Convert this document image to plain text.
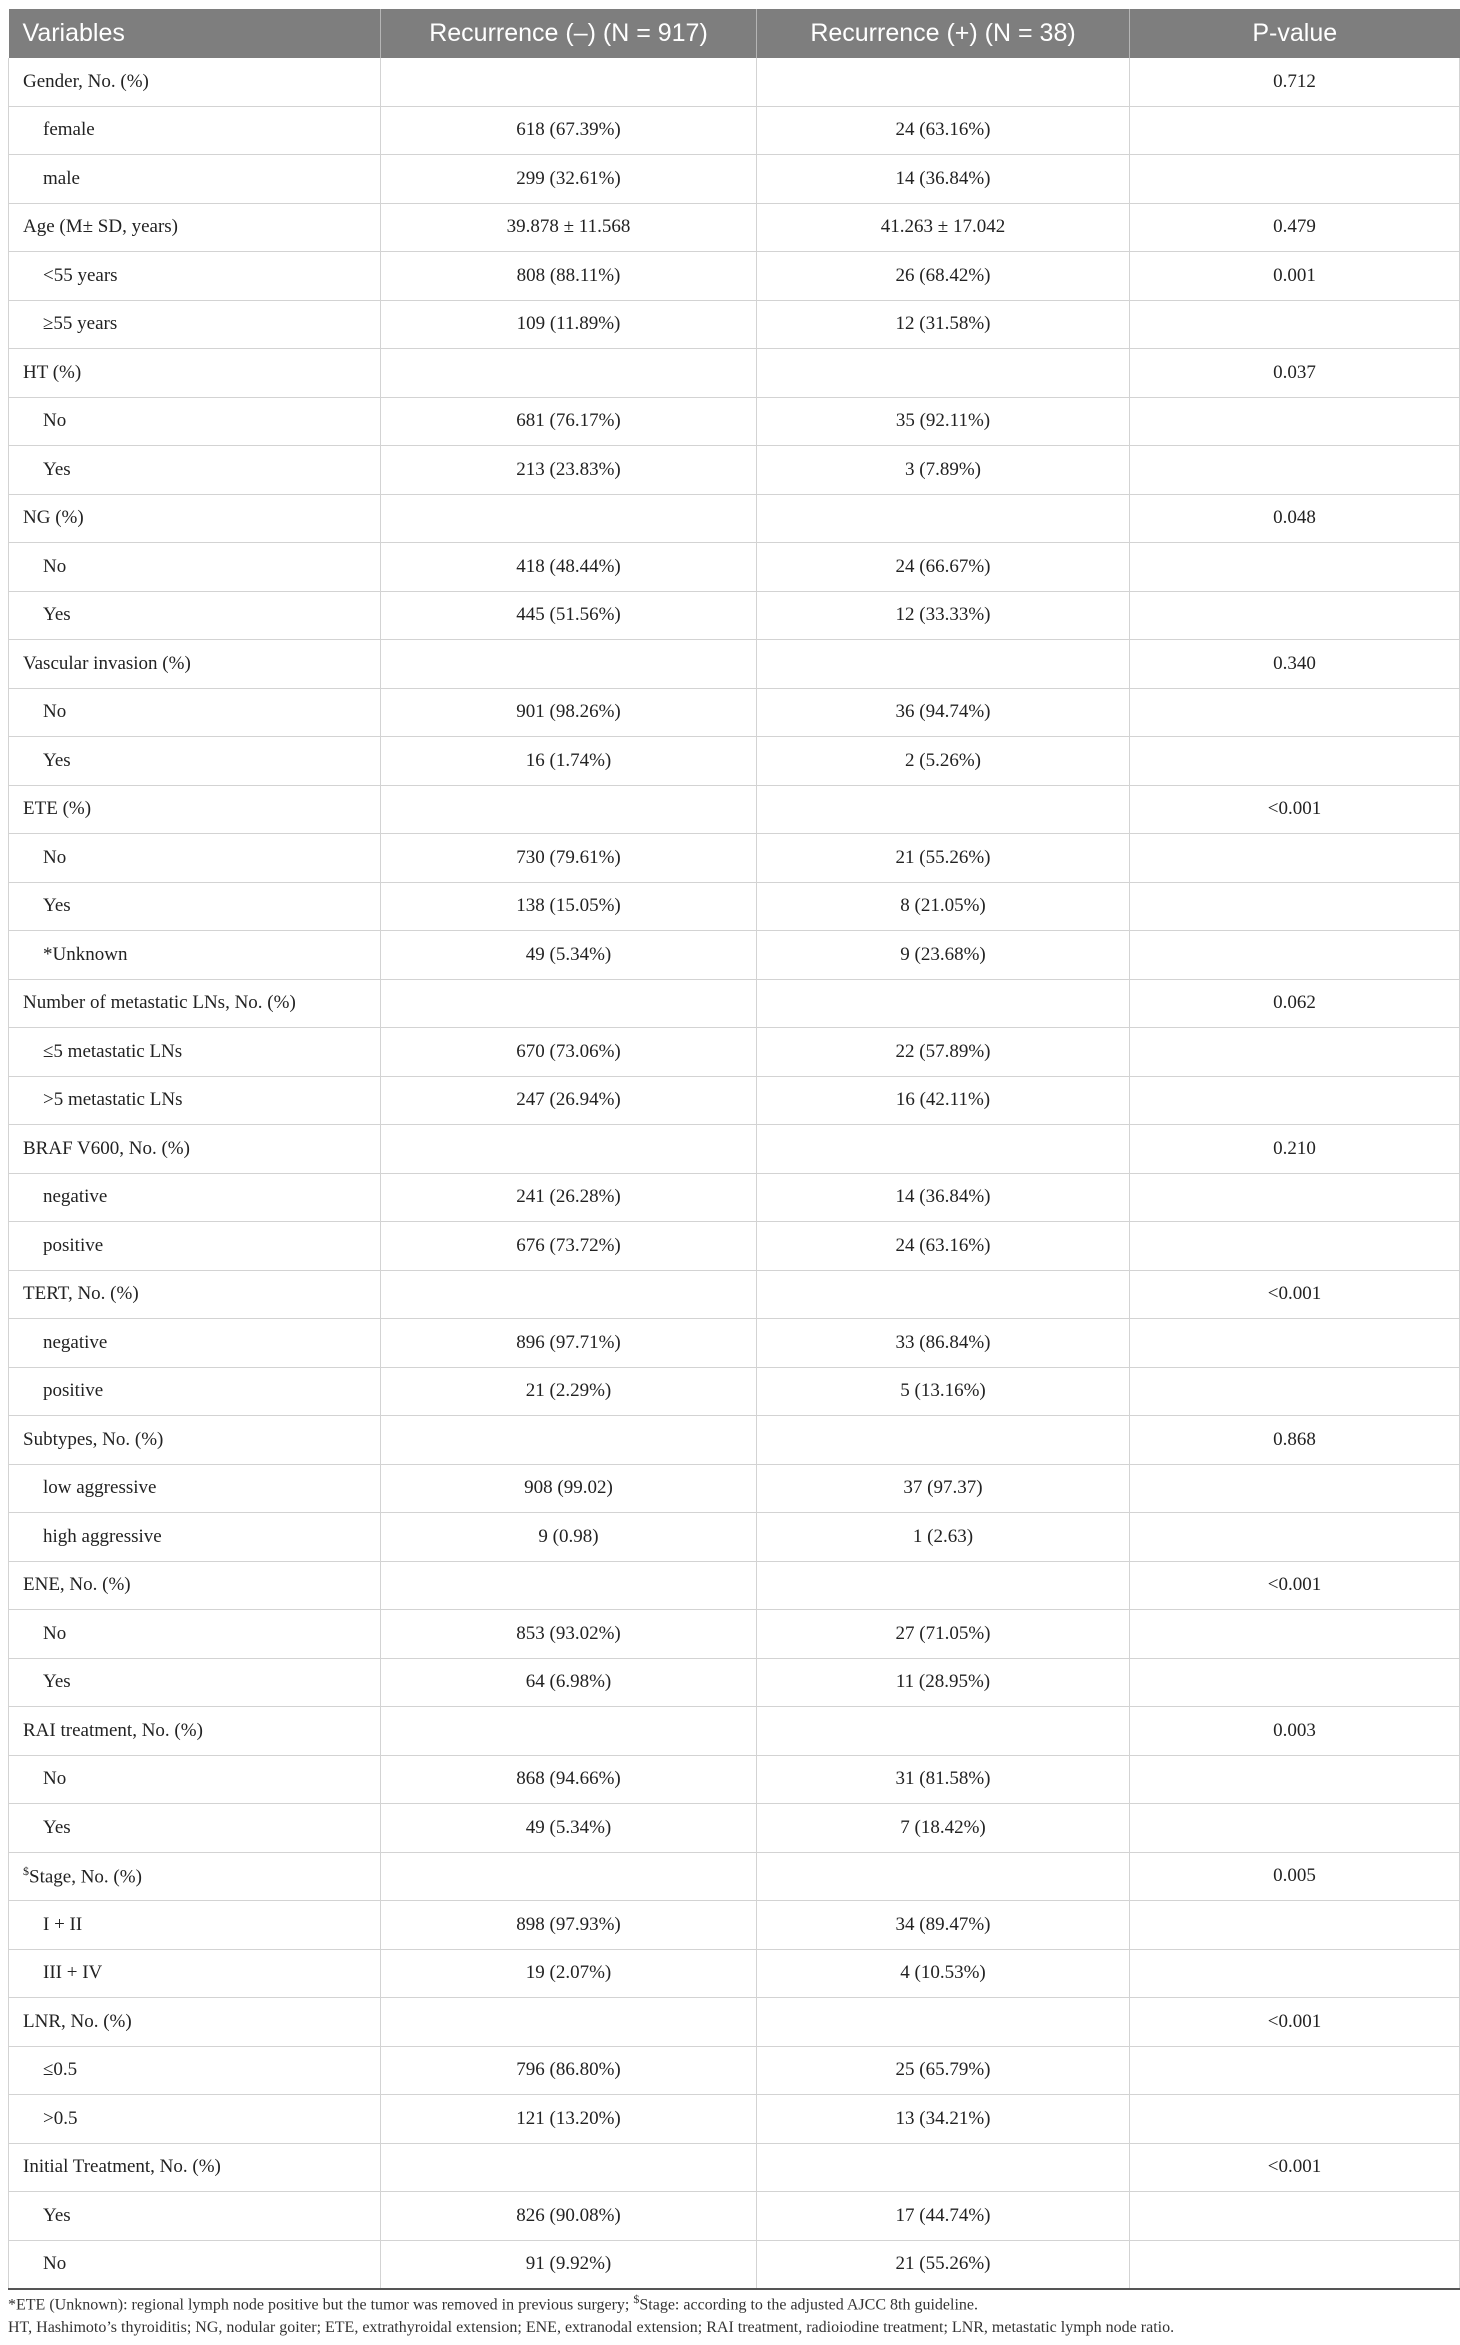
Variables	Recurrence (–) (N = 917)	Recurrence (+) (N = 38)	P-value
Gender, No. (%)			0.712
female	618 (67.39%)	24 (63.16%)	
male	299 (32.61%)	14 (36.84%)	
Age (M± SD, years)	39.878 ± 11.568	41.263 ± 17.042	0.479
<55 years	808 (88.11%)	26 (68.42%)	0.001
≥55 years	109 (11.89%)	12 (31.58%)	
HT (%)			0.037
No	681 (76.17%)	35 (92.11%)	
Yes	213 (23.83%)	3 (7.89%)	
NG (%)			0.048
No	418 (48.44%)	24 (66.67%)	
Yes	445 (51.56%)	12 (33.33%)	
Vascular invasion (%)			0.340
No	901 (98.26%)	36 (94.74%)	
Yes	16 (1.74%)	2 (5.26%)	
ETE (%)			<0.001
No	730 (79.61%)	21 (55.26%)	
Yes	138 (15.05%)	8 (21.05%)	
*Unknown	49 (5.34%)	9 (23.68%)	
Number of metastatic LNs, No. (%)			0.062
≤5 metastatic LNs	670 (73.06%)	22 (57.89%)	
>5 metastatic LNs	247 (26.94%)	16 (42.11%)	
BRAF V600, No. (%)			0.210
negative	241 (26.28%)	14 (36.84%)	
positive	676 (73.72%)	24 (63.16%)	
TERT, No. (%)			<0.001
negative	896 (97.71%)	33 (86.84%)	
positive	21 (2.29%)	5 (13.16%)	
Subtypes, No. (%)			0.868
low aggressive	908 (99.02)	37 (97.37)	
high aggressive	9 (0.98)	1 (2.63)	
ENE, No. (%)			<0.001
No	853 (93.02%)	27 (71.05%)	
Yes	64 (6.98%)	11 (28.95%)	
RAI treatment, No. (%)			0.003
No	868 (94.66%)	31 (81.58%)	
Yes	49 (5.34%)	7 (18.42%)	
$Stage, No. (%)			0.005
I + II	898 (97.93%)	34 (89.47%)	
III + IV	19 (2.07%)	4 (10.53%)	
LNR, No. (%)			<0.001
≤0.5	796 (86.80%)	25 (65.79%)	
>0.5	121 (13.20%)	13 (34.21%)	
Initial Treatment, No. (%)			<0.001
Yes	826 (90.08%)	17 (44.74%)	
No	91 (9.92%)	21 (55.26%)	

*ETE (Unknown): regional lymph node positive but the tumor was removed in previous surgery; $Stage: according to the adjusted AJCC 8th guideline.

HT, Hashimoto’s thyroiditis; NG, nodular goiter; ETE, extrathyroidal extension; ENE, extranodal extension; RAI treatment, radioiodine treatment; LNR, metastatic lymph node ratio.
